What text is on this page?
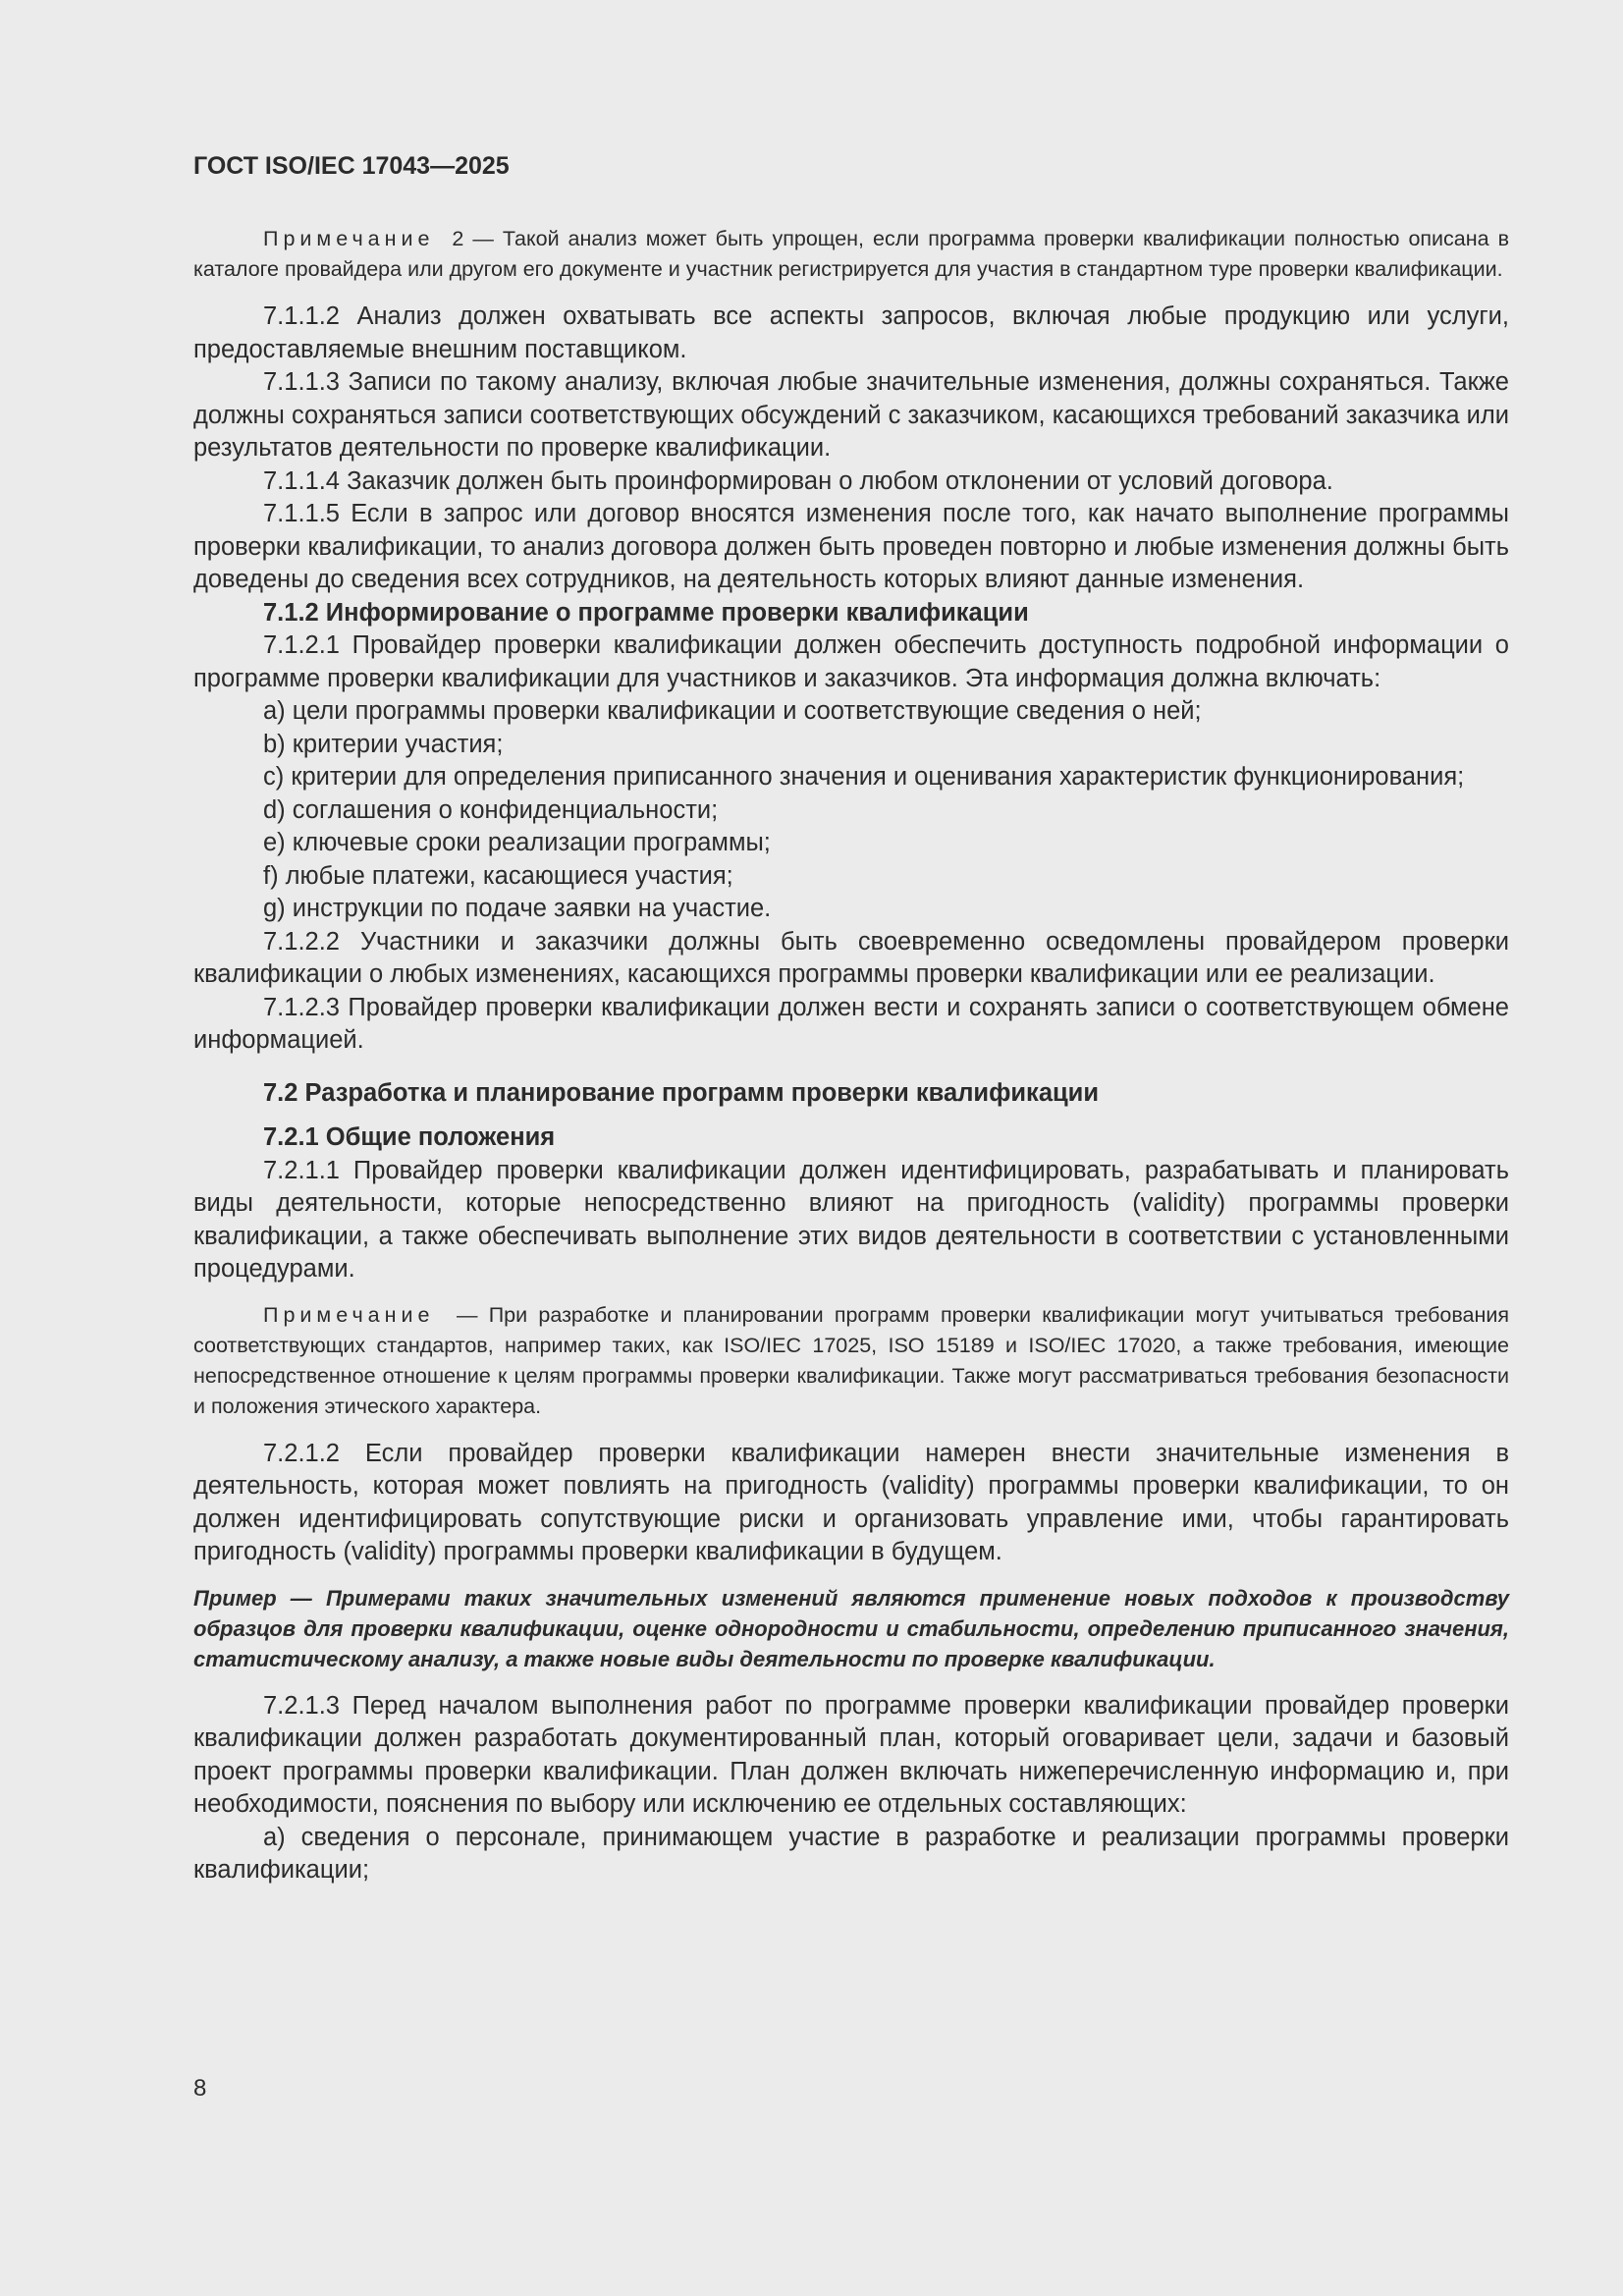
ГОСТ ISO/IEC 17043—2025

Примечание 2 — Такой анализ может быть упрощен, если программа проверки квалификации полностью описана в каталоге провайдера или другом его документе и участник регистрируется для участия в стандартном туре проверки квалификации.

7.1.1.2 Анализ должен охватывать все аспекты запросов, включая любые продукцию или услуги, предоставляемые внешним поставщиком.

7.1.1.3 Записи по такому анализу, включая любые значительные изменения, должны сохраняться. Также должны сохраняться записи соответствующих обсуждений с заказчиком, касающихся требований заказчика или результатов деятельности по проверке квалификации.

7.1.1.4 Заказчик должен быть проинформирован о любом отклонении от условий договора.

7.1.1.5 Если в запрос или договор вносятся изменения после того, как начато выполнение программы проверки квалификации, то анализ договора должен быть проведен повторно и любые изменения должны быть доведены до сведения всех сотрудников, на деятельность которых влияют данные изменения.

7.1.2 Информирование о программе проверки квалификации

7.1.2.1 Провайдер проверки квалификации должен обеспечить доступность подробной информации о программе проверки квалификации для участников и заказчиков. Эта информация должна включать:

a) цели программы проверки квалификации и соответствующие сведения о ней;

b) критерии участия;

c) критерии для определения приписанного значения и оценивания характеристик функционирования;

d) соглашения о конфиденциальности;

e) ключевые сроки реализации программы;

f) любые платежи, касающиеся участия;

g) инструкции по подаче заявки на участие.

7.1.2.2 Участники и заказчики должны быть своевременно осведомлены провайдером проверки квалификации о любых изменениях, касающихся программы проверки квалификации или ее реализации.

7.1.2.3 Провайдер проверки квалификации должен вести и сохранять записи о соответствующем обмене информацией.

7.2 Разработка и планирование программ проверки квалификации

7.2.1 Общие положения

7.2.1.1 Провайдер проверки квалификации должен идентифицировать, разрабатывать и планировать виды деятельности, которые непосредственно влияют на пригодность (validity) программы проверки квалификации, а также обеспечивать выполнение этих видов деятельности в соответствии с установленными процедурами.

Примечание — При разработке и планировании программ проверки квалификации могут учитываться требования соответствующих стандартов, например таких, как ISO/IEC 17025, ISO 15189 и ISO/IEC 17020, а также требования, имеющие непосредственное отношение к целям программы проверки квалификации. Также могут рассматриваться требования безопасности и положения этического характера.

7.2.1.2 Если провайдер проверки квалификации намерен внести значительные изменения в деятельность, которая может повлиять на пригодность (validity) программы проверки квалификации, то он должен идентифицировать сопутствующие риски и организовать управление ими, чтобы гарантировать пригодность (validity) программы проверки квалификации в будущем.

Пример — Примерами таких значительных изменений являются применение новых подходов к производству образцов для проверки квалификации, оценке однородности и стабильности, определению приписанного значения, статистическому анализу, а также новые виды деятельности по проверке квалификации.

7.2.1.3 Перед началом выполнения работ по программе проверки квалификации провайдер проверки квалификации должен разработать документированный план, который оговаривает цели, задачи и базовый проект программы проверки квалификации. План должен включать нижеперечисленную информацию и, при необходимости, пояснения по выбору или исключению ее отдельных составляющих:

a) сведения о персонале, принимающем участие в разработке и реализации программы проверки квалификации;

8
